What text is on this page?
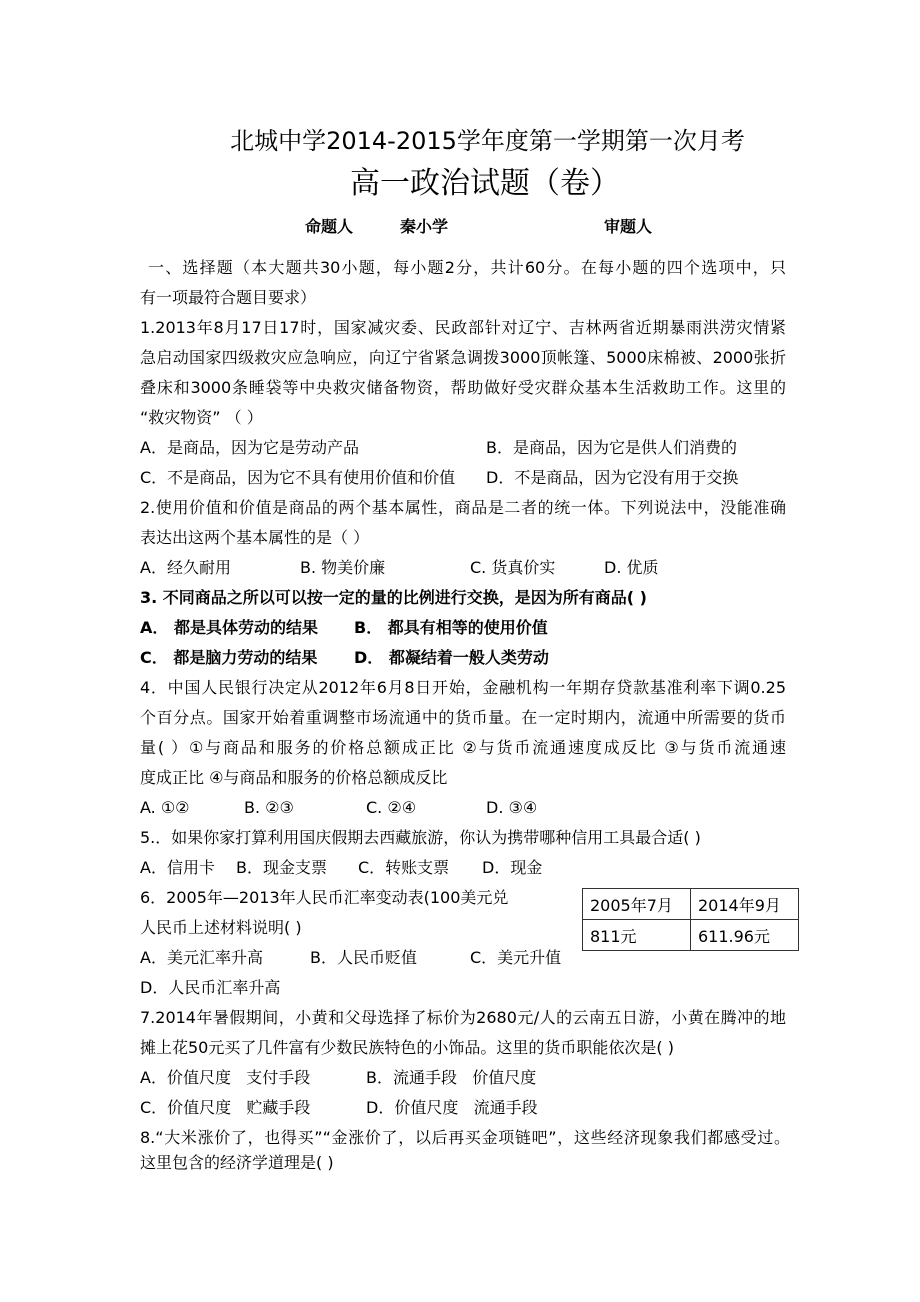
北城中学2014-2015学年度第一学期第一次月考
高一政治试题（卷）
命题人	秦小学	审题人
一、选择题（本大题共30小题，每小题2分，共计60分。在每小题的四个选项中，只
有一项最符合题目要求）
1.2013年8月17日17时，国家减灾委、民政部针对辽宁、吉林两省近期暴雨洪涝灾情紧
急启动国家四级救灾应急响应，向辽宁省紧急调拨3000顶帐篷、5000床棉被、2000张折
叠床和3000条睡袋等中央救灾储备物资，帮助做好受灾群众基本生活救助工作。这里的
“救灾物资” （ ）
A．是商品，因为它是劳动产品	B．是商品，因为它是供人们消费的
C．不是商品，因为它不具有使用价值和价值 D．不是商品，因为它没有用于交换
2.使用价值和价值是商品的两个基本属性，商品是二者的统一体。下列说法中，没能准确
表达出这两个基本属性的是（ ）
A．经久耐用	B. 物美价廉	C. 货真价实	D. 优质
3. 不同商品之所以可以按一定的量的比例进行交换，是因为所有商品( )
A． 都是具体劳动的结果 B． 都具有相等的使用价值
C． 都是脑力劳动的结果 D． 都凝结着一般人类劳动
4．中国人民银行决定从2012年6月8日开始，金融机构一年期存贷款基准利率下调0.25
个百分点。国家开始着重调整市场流通中的货币量。在一定时期内，流通中所需要的货币
量( ）①与商品和服务的价格总额成正比 ②与货币流通速度成反比 ③与货币流通速
度成正比 ④与商品和服务的价格总额成反比
A. ①②	B. ②③	C. ②④	D. ③④
5.．如果你家打算利用国庆假期去西藏旅游，你认为携带哪种信用工具最合适( )
A．信用卡 B．现金支票 C．转账支票 D．现金
6．2005年—2013年人民币汇率变动表(100美元兑
人民币上述材料说明( )
2005年7月	2014年9月
811元	611.96元
A．美元汇率升高	B．人民币贬值	C．美元升值
D．人民币汇率升高
7.2014年暑假期间，小黄和父母选择了标价为2680元/人的云南五日游，小黄在腾冲的地
摊上花50元买了几件富有少数民族特色的小饰品。这里的货币职能依次是( )
A．价值尺度   支付手段	B．流通手段   价值尺度
C．价值尺度   贮藏手段	D．价值尺度   流通手段
8.“大米涨价了，也得买”“金涨价了，以后再买金项链吧”，这些经济现象我们都感受过。
这里包含的经济学道理是( )
